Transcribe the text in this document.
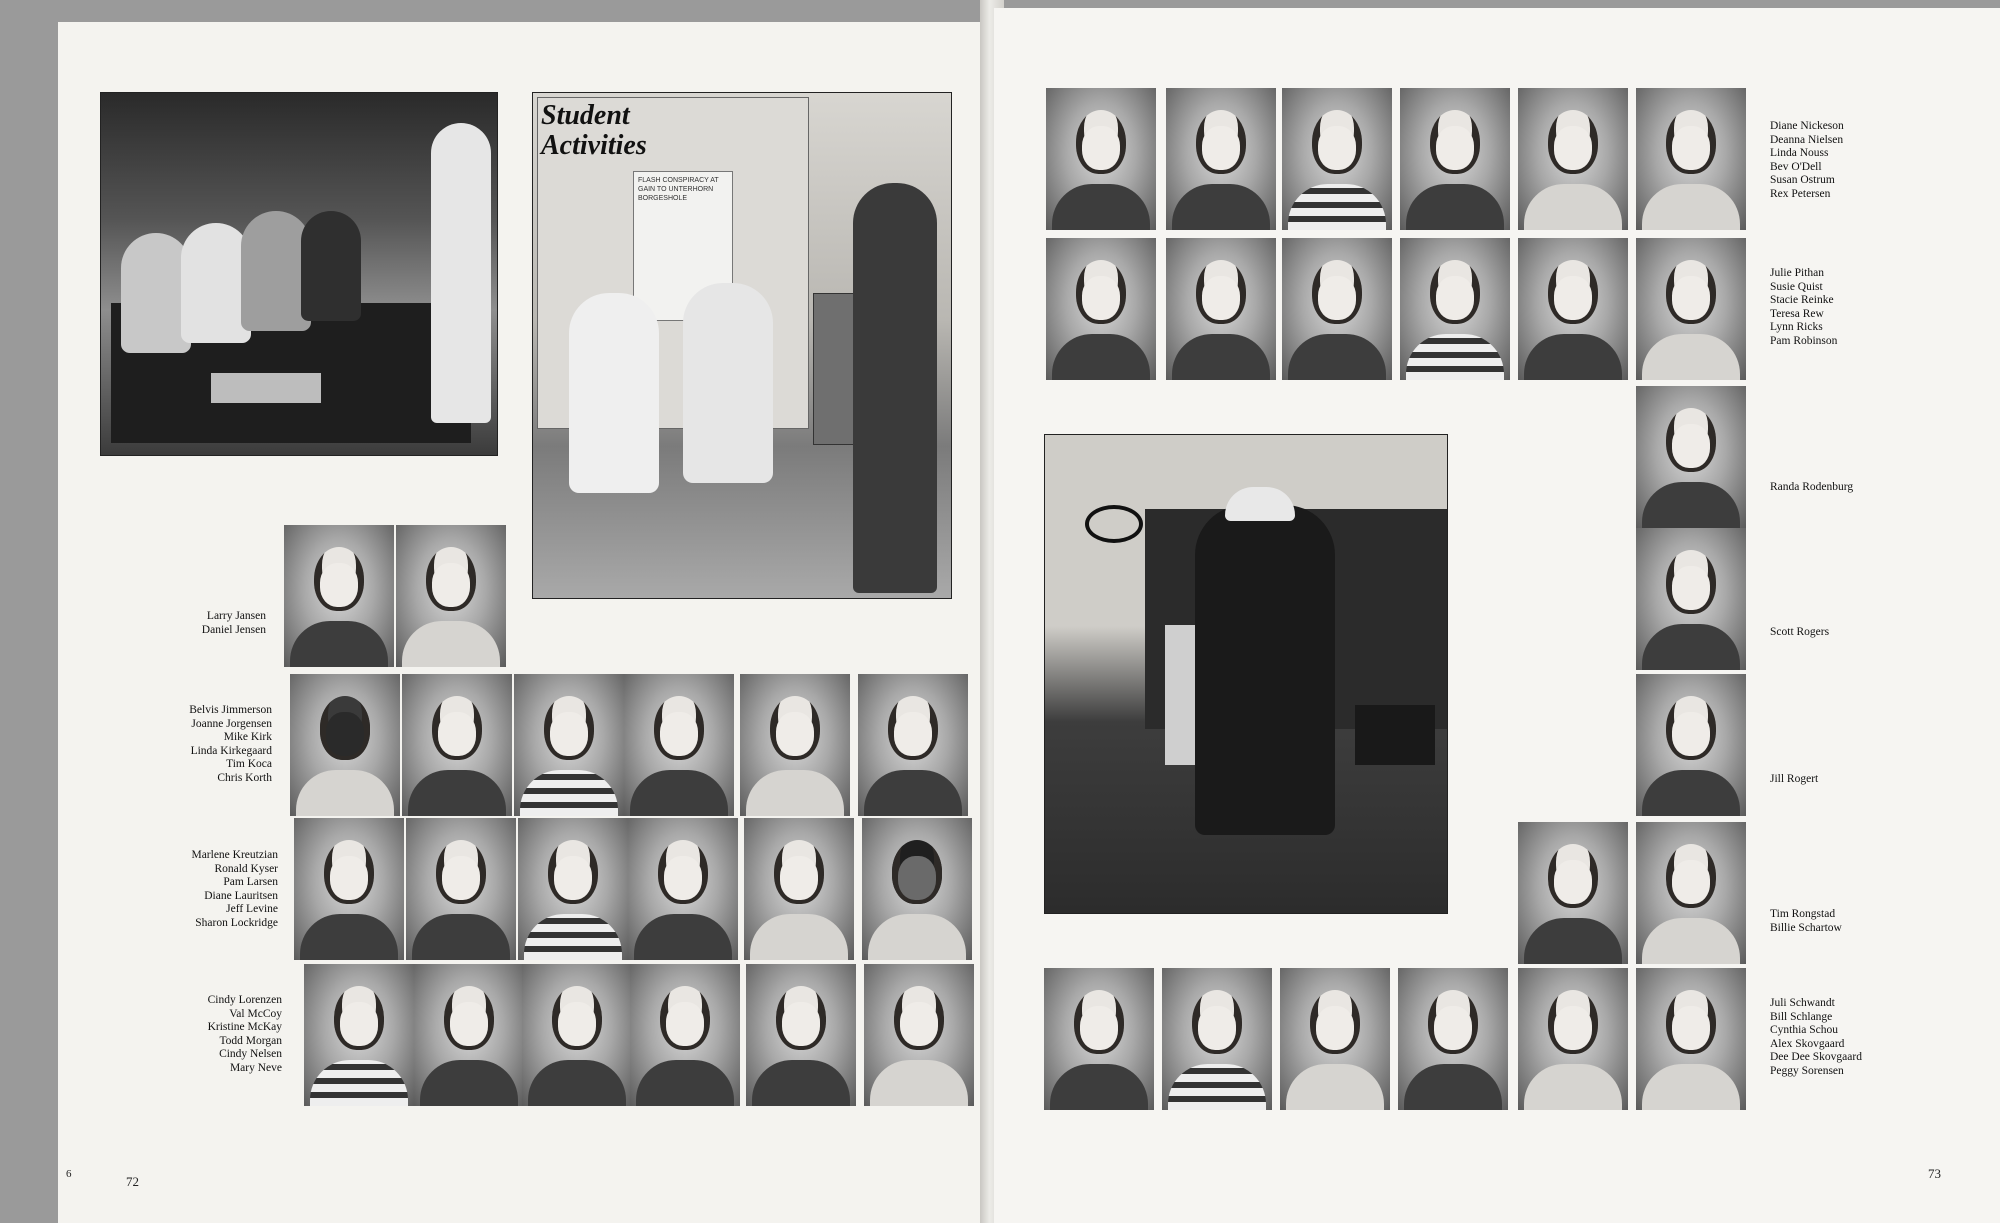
Student Activities
FLASH CONSPIRACY AT
GAIN TO UNTERHORN
BORGESHOLE
Larry Jansen
Daniel Jensen
Belvis Jimmerson
Joanne Jorgensen
Mike Kirk
Linda Kirkegaard
Tim Koca
Chris Korth
Marlene Kreutzian
Ronald Kyser
Pam Larsen
Diane Lauritsen
Jeff Levine
Sharon Lockridge
Cindy Lorenzen
Val McCoy
Kristine McKay
Todd Morgan
Cindy Nelsen
Mary Neve
6	72
Diane Nickeson
Deanna Nielsen
Linda Nouss
Bev O'Dell
Susan Ostrum
Rex Petersen
Julie Pithan
Susie Quist
Stacie Reinke
Teresa Rew
Lynn Ricks
Pam Robinson
Randa Rodenburg
Scott Rogers
Jill Rogert
Tim Rongstad
Billie Schartow
Juli Schwandt
Bill Schlange
Cynthia Schou
Alex Skovgaard
Dee Dee Skovgaard
Peggy Sorensen
73
